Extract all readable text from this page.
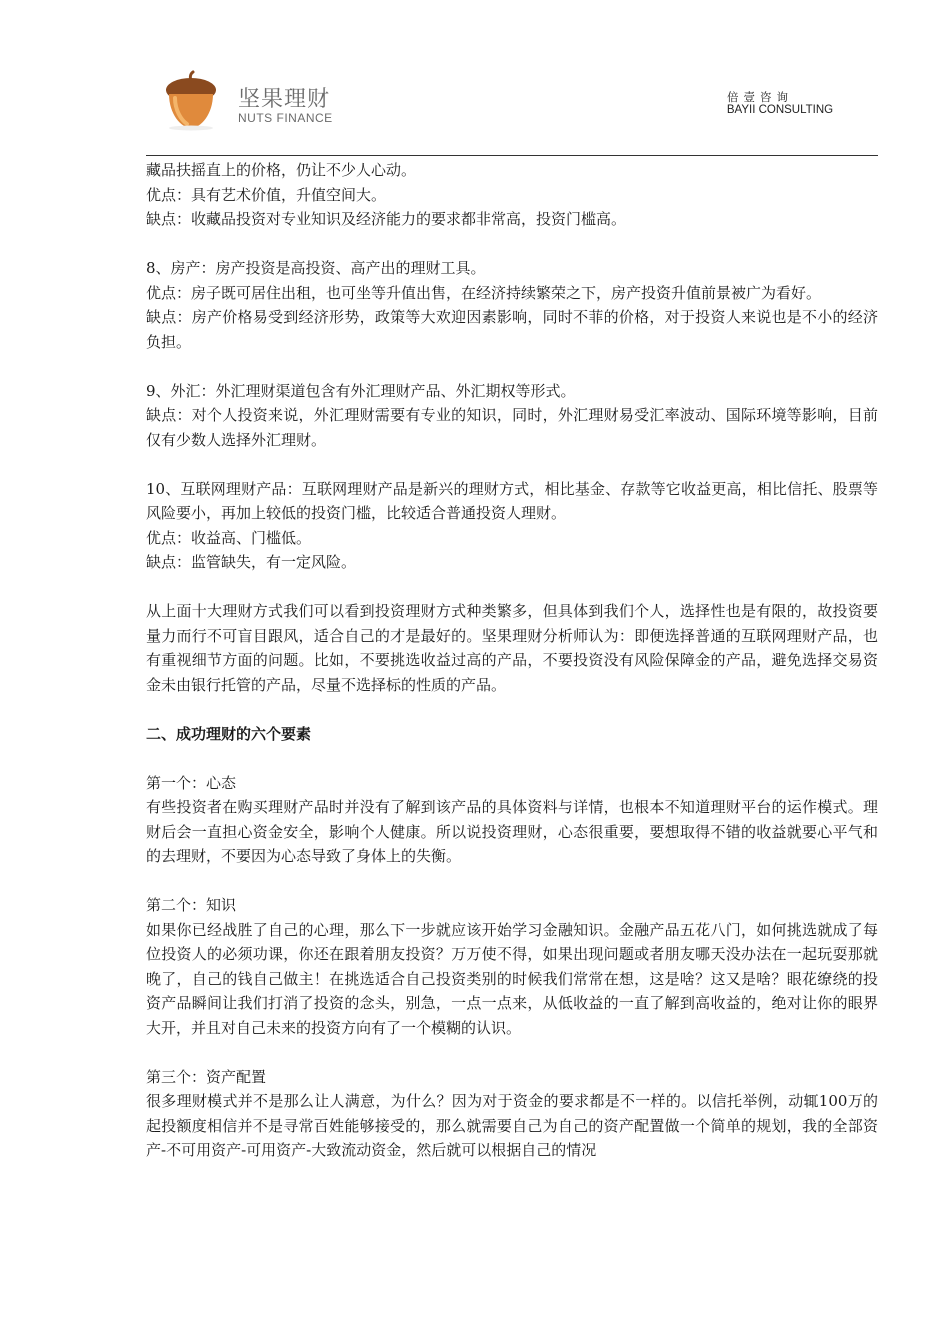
坚果理财
NUTS FINANCE
倍壹咨询
BAYII CONSULTING

藏品扶摇直上的价格，仍让不少人心动。

优点：具有艺术价值，升值空间大。

缺点：收藏品投资对专业知识及经济能力的要求都非常高，投资门槛高。

8、房产：房产投资是高投资、高产出的理财工具。

优点：房子既可居住出租，也可坐等升值出售，在经济持续繁荣之下，房产投资升值前景被广为看好。

缺点：房产价格易受到经济形势，政策等大欢迎因素影响，同时不菲的价格，对于投资人来说也是不小的经济负担。

9、外汇：外汇理财渠道包含有外汇理财产品、外汇期权等形式。

缺点：对个人投资来说，外汇理财需要有专业的知识，同时，外汇理财易受汇率波动、国际环境等影响，目前仅有少数人选择外汇理财。

10、互联网理财产品：互联网理财产品是新兴的理财方式，相比基金、存款等它收益更高，相比信托、股票等风险要小，再加上较低的投资门槛，比较适合普通投资人理财。

优点：收益高、门槛低。

缺点：监管缺失，有一定风险。

从上面十大理财方式我们可以看到投资理财方式种类繁多，但具体到我们个人，选择性也是有限的，故投资要量力而行不可盲目跟风，适合自己的才是最好的。坚果理财分析师认为：即便选择普通的互联网理财产品，也有重视细节方面的问题。比如，不要挑选收益过高的产品，不要投资没有风险保障金的产品，避免选择交易资金未由银行托管的产品，尽量不选择标的性质的产品。

二、成功理财的六个要素

第一个：心态

有些投资者在购买理财产品时并没有了解到该产品的具体资料与详情，也根本不知道理财平台的运作模式。理财后会一直担心资金安全，影响个人健康。所以说投资理财，心态很重要，要想取得不错的收益就要心平气和的去理财，不要因为心态导致了身体上的失衡。

第二个：知识

如果你已经战胜了自己的心理，那么下一步就应该开始学习金融知识。金融产品五花八门，如何挑选就成了每位投资人的必须功课，你还在跟着朋友投资？万万使不得，如果出现问题或者朋友哪天没办法在一起玩耍那就晚了，自己的钱自己做主！在挑选适合自己投资类别的时候我们常常在想，这是啥？这又是啥？眼花缭绕的投资产品瞬间让我们打消了投资的念头，别急，一点一点来，从低收益的一直了解到高收益的，绝对让你的眼界大开，并且对自己未来的投资方向有了一个模糊的认识。

第三个：资产配置

很多理财模式并不是那么让人满意，为什么？因为对于资金的要求都是不一样的。以信托举例，动辄100万的起投额度相信并不是寻常百姓能够接受的，那么就需要自己为自己的资产配置做一个简单的规划，我的全部资产-不可用资产-可用资产-大致流动资金，然后就可以根据自己的情况
